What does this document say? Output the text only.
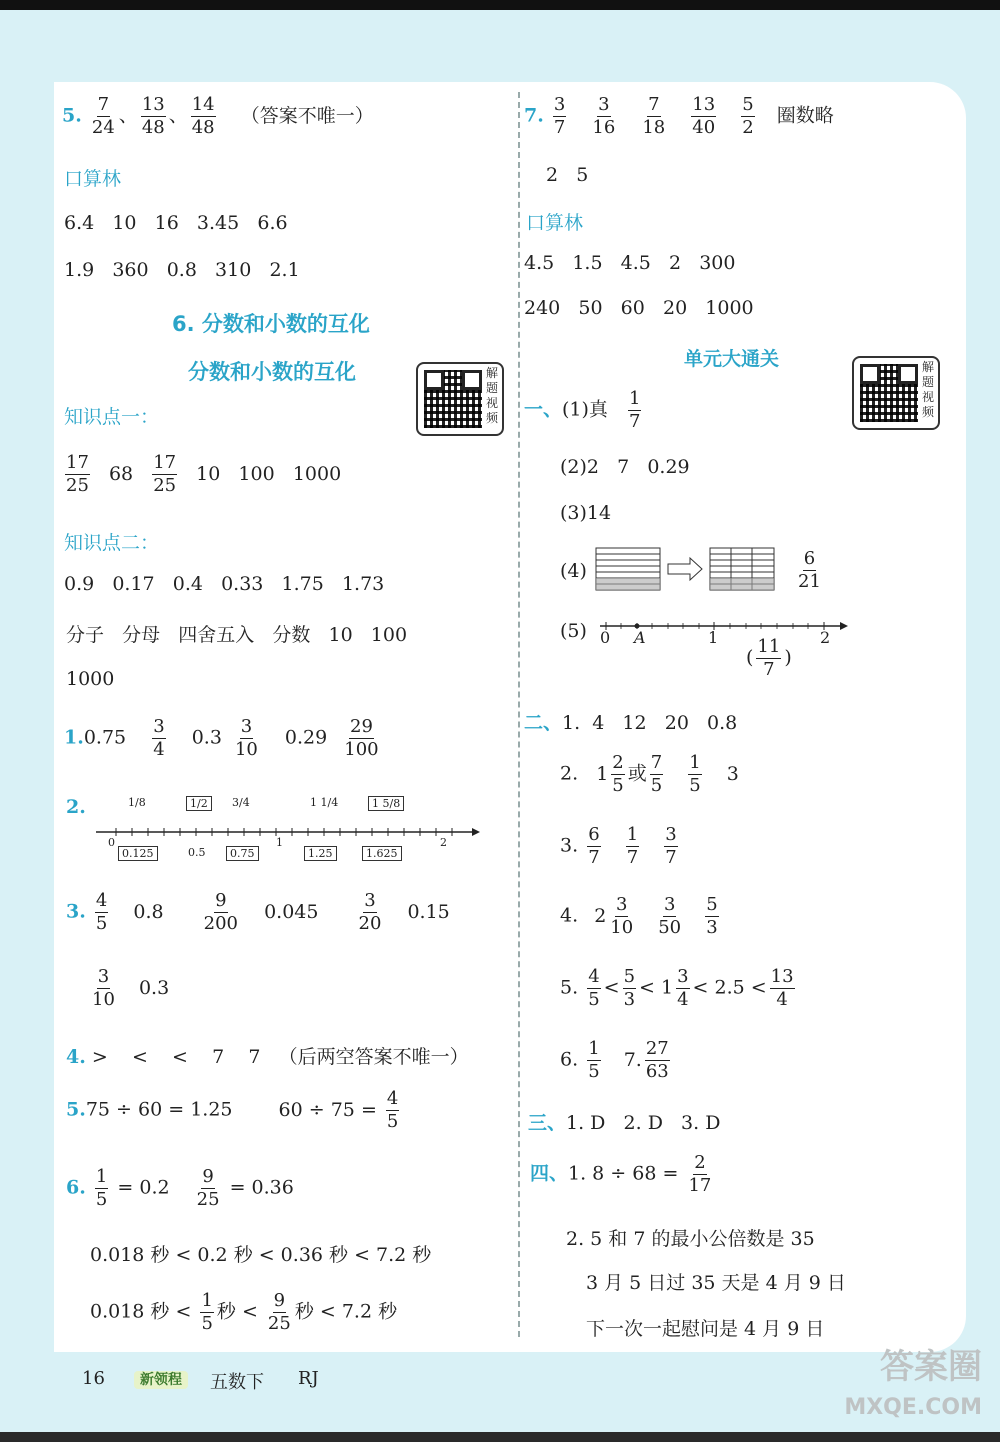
5. $\frac{7}{24}$ 、 $\frac{13}{48}$ 、 $\frac{14}{48}$ （答案不唯一）
口算林
6.4   10   16   3.45   6.6
1.9   360   0.8   310   2.1
6. 分数和小数的互化
分数和小数的互化	解题视频
知识点一：
$\frac{17}{25} 68 \frac{17}{25} 10$   100   1000
知识点二：
0.9   0.17   0.4   0.33   1.75   1.73
分子   分母   四舍五入   分数   10   100
1000
$1.0.75 \frac{3}{4} 0.3 \frac{3}{10} 0.29 \frac{29}{100}$
2.
0	1	2
1/8	1/2	3/4	1 1/4	1 5/8
0.125	0.5	0.75	1.25	1.625
3. $\frac{4}{5} 0.8 \frac{9}{200} 0.045 \frac{3}{20} 0.15$
$\frac{3}{10} 0.3$
4. >    <    <    7    7   （后两空答案不唯一）
5.75 ÷ 60 = 1.25 $60 \div 75 = \frac{4}{5}$
6. $\frac{1}{5} = 0.2 \frac{9}{25} = 0.36$
0.018 秒 < 0.2 秒 < 0.36 秒 < 7.2 秒
0.018 秒 < $\frac{1}{5}$ 秒 < $\frac{9}{25}$ 秒 < 7.2 秒
7. $\frac{3}{7}$
$\frac{3}{16}$
$\frac{7}{18}$
$\frac{13}{40}$
$\frac{5}{2}$ 圈数略
2   5
口算林
4.5   1.5   4.5   2   300
240   50   60   20   1000
单元大通关	解题视频
一、(1)真 $\frac{1}{7}$
(2)2   7   0.29
(3)14
(4)	$\frac{6}{21}$
(5) 0 A	1	2
( $\frac{11}{7}$ )
二、1.  4   12   20   0.8
2. $1 \frac{2}{5}$ 或 $\frac{7}{5}$
$\frac{1}{5} 3$
3. $\frac{6}{7}$
$\frac{1}{7}$
$\frac{3}{7}$
4. $2 \frac{3}{10}$
$\frac{3}{50}$
$\frac{5}{3}$
5. $\frac{4}{5} < \frac{5}{3} < 1 \frac{3}{4} < 2.5 < \frac{13}{4}$
6. $\frac{1}{5} 7$. $\frac{27}{63}$
三、1. D   2. D   3. D
四、1. $8 \div 68 = \frac{2}{17}$
2. 5 和 7 的最小公倍数是 35
3 月 5 日过 35 天是 4 月 9 日
下一次一起慰问是 4 月 9 日
16	新领程	五数下 RJ	答案圈
MXQE.COM
